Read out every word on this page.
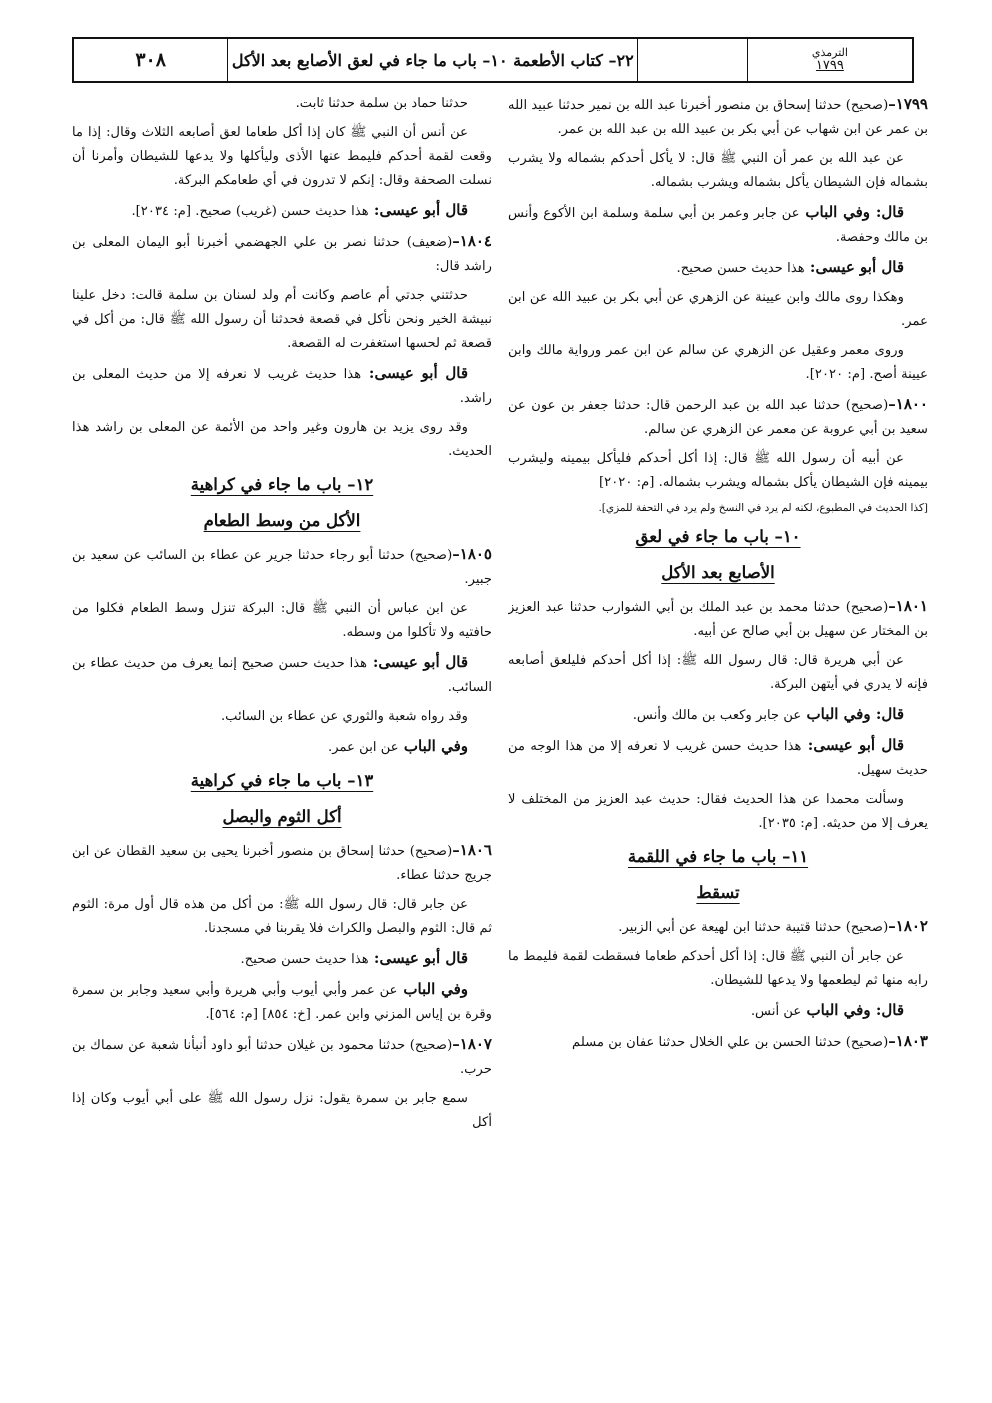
الترمذي
١٧٩٩
٢٢– كتاب الأطعمة ١٠– باب ما جاء في لعق الأصابع بعد الأكل
٣٠٨

١٧٩٩–(صحيح) حدثنا إسحاق بن منصور أخبرنا عبد الله بن نمير حدثنا عبيد الله بن عمر عن ابن شهاب عن أبي بكر بن عبيد الله بن عبد الله بن عمر.

عن عبد الله بن عمر أن النبي ﷺ قال: لا يأكل أحدكم بشماله ولا يشرب بشماله فإن الشيطان يأكل بشماله ويشرب بشماله.

قال: وفي الباب عن جابر وعمر بن أبي سلمة وسلمة ابن الأكوع وأنس بن مالك وحفصة.

قال أبو عيسى: هذا حديث حسن صحيح.

وهكذا روى مالك وابن عيينة عن الزهري عن أبي بكر بن عبيد الله عن ابن عمر.

وروى معمر وعقيل عن الزهري عن سالم عن ابن عمر ورواية مالك وابن عيينة أصح. [م: ٢٠٢٠].

١٨٠٠–(صحيح) حدثنا عبد الله بن عبد الرحمن قال: حدثنا جعفر بن عون عن سعيد بن أبي عروبة عن معمر عن الزهري عن سالم.

عن أبيه أن رسول الله ﷺ قال: إذا أكل أحدكم فليأكل بيمينه وليشرب بيمينه فإن الشيطان يأكل بشماله ويشرب بشماله. [م: ٢٠٢٠]

[كذا الحديث في المطبوع، لكنه لم يرد في النسخ ولم يرد في التحفة للمزي].
١٠– باب ما جاء في لعق
الأصابع بعد الأكل

١٨٠١–(صحيح) حدثنا محمد بن عبد الملك بن أبي الشوارب حدثنا عبد العزيز بن المختار عن سهيل بن أبي صالح عن أبيه.

عن أبي هريرة قال: قال رسول الله ﷺ: إذا أكل أحدكم فليلعق أصابعه فإنه لا يدري في أيتهن البركة.

قال: وفي الباب عن جابر وكعب بن مالك وأنس.

قال أبو عيسى: هذا حديث حسن غريب لا نعرفه إلا من هذا الوجه من حديث سهيل.

وسألت محمدا عن هذا الحديث فقال: حديث عبد العزيز من المختلف لا يعرف إلا من حديثه. [م: ٢٠٣٥].

١١– باب ما جاء في اللقمة
تسقط

١٨٠٢–(صحيح) حدثنا قتيبة حدثنا ابن لهيعة عن أبي الزبير.

عن جابر أن النبي ﷺ قال: إذا أكل أحدكم طعاما فسقطت لقمة فليمط ما رابه منها ثم ليطعمها ولا يدعها للشيطان.

قال: وفي الباب عن أنس.

١٨٠٣–(صحيح) حدثنا الحسن بن علي الخلال حدثنا عفان بن مسلم

حدثنا حماد بن سلمة حدثنا ثابت.

عن أنس أن النبي ﷺ كان إذا أكل طعاما لعق أصابعه الثلاث وقال: إذا ما وقعت لقمة أحدكم فليمط عنها الأذى وليأكلها ولا يدعها للشيطان وأمرنا أن نسلت الصحفة وقال: إنكم لا تدرون في أي طعامكم البركة.

قال أبو عيسى: هذا حديث حسن (غريب) صحيح. [م: ٢٠٣٤].

١٨٠٤–(ضعيف) حدثنا نصر بن علي الجهضمي أخبرنا أبو اليمان المعلى بن راشد قال:

حدثتني جدتي أم عاصم وكانت أم ولد لسنان بن سلمة قالت: دخل علينا نبيشة الخير ونحن نأكل في قصعة فحدثنا أن رسول الله ﷺ قال: من أكل في قصعة ثم لحسها استغفرت له القصعة.

قال أبو عيسى: هذا حديث غريب لا نعرفه إلا من حديث المعلى بن راشد.

وقد روى يزيد بن هارون وغير واحد من الأئمة عن المعلى بن راشد هذا الحديث.

١٢– باب ما جاء في كراهية
الأكل من وسط الطعام

١٨٠٥–(صحيح) حدثنا أبو رجاء حدثنا جرير عن عطاء بن السائب عن سعيد بن جبير.

عن ابن عباس أن النبي ﷺ قال: البركة تنزل وسط الطعام فكلوا من حافتيه ولا تأكلوا من وسطه.

قال أبو عيسى: هذا حديث حسن صحيح إنما يعرف من حديث عطاء بن السائب.

وقد رواه شعبة والثوري عن عطاء بن السائب.

وفي الباب عن ابن عمر.

١٣– باب ما جاء في كراهية
أكل الثوم والبصل

١٨٠٦–(صحيح) حدثنا إسحاق بن منصور أخبرنا يحيى بن سعيد القطان عن ابن جريج حدثنا عطاء.

عن جابر قال: قال رسول الله ﷺ: من أكل من هذه قال أول مرة: الثوم ثم قال: الثوم والبصل والكراث فلا يقربنا في مسجدنا.

قال أبو عيسى: هذا حديث حسن صحيح.

وفي الباب عن عمر وأبي أيوب وأبي هريرة وأبي سعيد وجابر بن سمرة وقرة بن إياس المزني وابن عمر. [خ: ٨٥٤] [م: ٥٦٤].

١٨٠٧–(صحيح) حدثنا محمود بن غيلان حدثنا أبو داود أنبأنا شعبة عن سماك بن حرب.

سمع جابر بن سمرة يقول: نزل رسول الله ﷺ على أبي أيوب وكان إذا أكل
